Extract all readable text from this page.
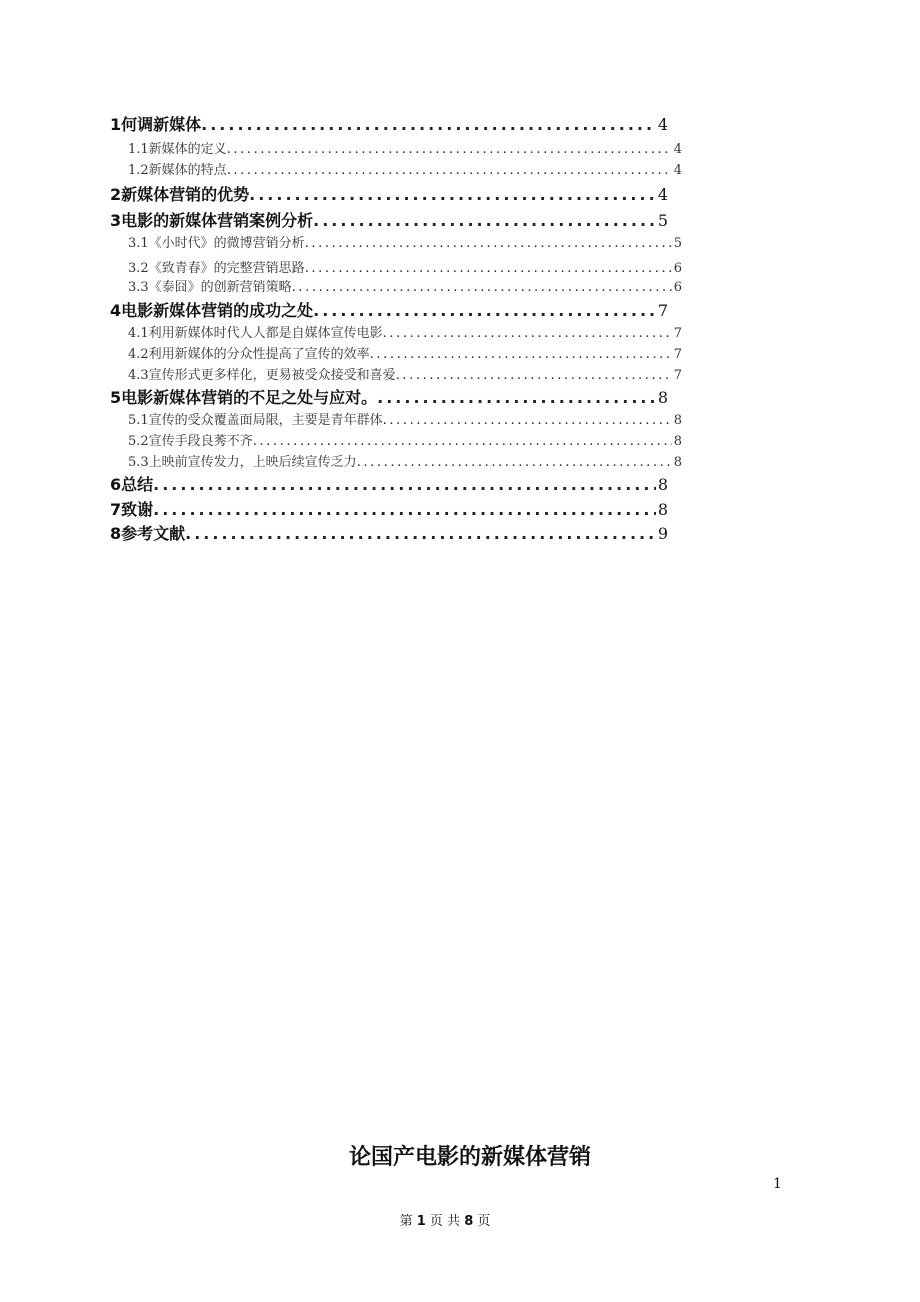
1何调新媒体 .....	4
1.1新媒体的定义 .....	4
1.2新媒体的特点 .....	4
2新媒体营销的优势 .....	4
3电影的新媒体营销案例分析 .....	5
3.1《小时代》的微博营销分析 .....	5
3.2《致青春》的完整营销思路 .....	6
3.3《泰囧》的创新营销策略 .....	6
4电影新媒体营销的成功之处 .....	7
4.1利用新媒体时代人人都是自媒体宣传电影 .....	7
4.2利用新媒体的分众性提高了宣传的效率 .....	7
4.3宣传形式更多样化，更易被受众接受和喜爱 .....	7
5电影新媒体营销的不足之处与应对。 .....	8
5.1宣传的受众覆盖面局限，主要是青年群体 .....	8
5.2宣传手段良莠不齐 .....	8
5.3上映前宣传发力，上映后续宣传乏力 .....	8
6总结 .....	8
7致谢 .....	8
8参考文献 .....	9
论国产电影的新媒体营销
1
第 1 页 共 8 页
